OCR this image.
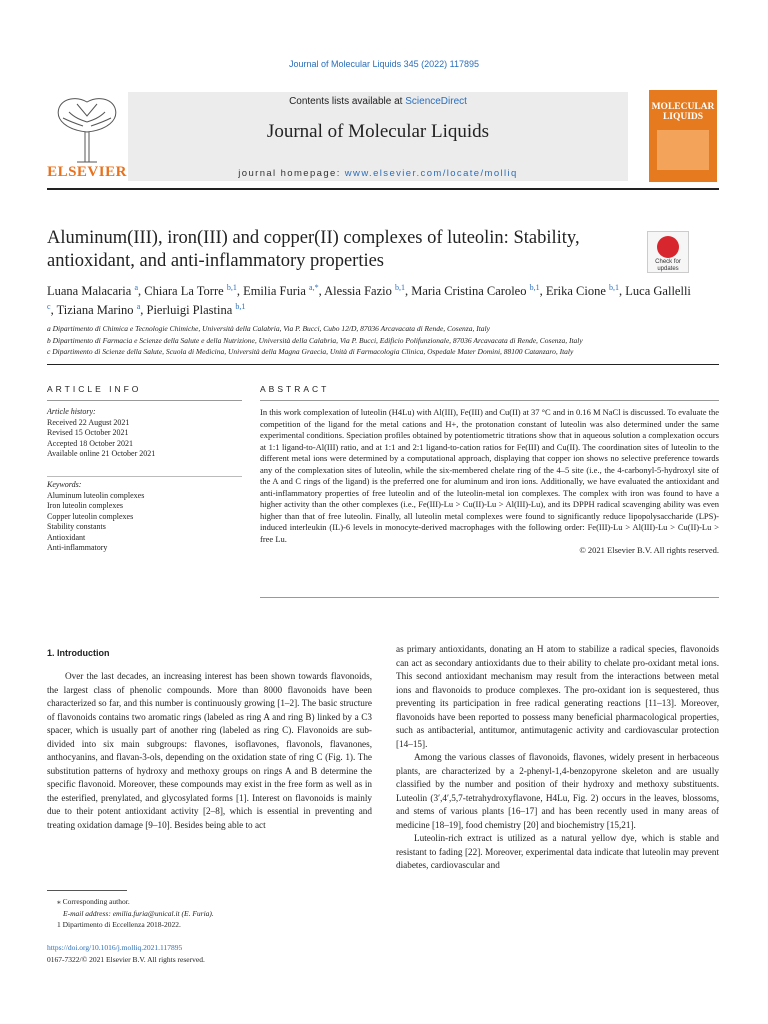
Journal of Molecular Liquids 345 (2022) 117895
ELSEVIER
Contents lists available at ScienceDirect
Journal of Molecular Liquids
journal homepage: www.elsevier.com/locate/molliq
MOLECULAR LIQUIDS
Aluminum(III), iron(III) and copper(II) complexes of luteolin: Stability, antioxidant, and anti-inflammatory properties	Check for updates
Luana Malacaria $^a$, Chiara La Torre $^{b,1}$, Emilia Furia $^{a,*}$, Alessia Fazio $^{b,1}$, Maria Cristina Caroleo $^{b,1}$, Erika Cione $^{b,1}$, Luca Gallelli $^c$, Tiziana Marino $^a$, Pierluigi Plastina $^{b,1}$
a Dipartimento di Chimica e Tecnologie Chimiche, Università della Calabria, Via P. Bucci, Cubo 12/D, 87036 Arcavacata di Rende, Cosenza, Italy
b Dipartimento di Farmacia e Scienze della Salute e della Nutrizione, Università della Calabria, Via P. Bucci, Edificio Polifunzionale, 87036 Arcavacata di Rende, Cosenza, Italy
c Dipartimento di Scienze della Salute, Scuola di Medicina, Università della Magna Graecia, Unità di Farmacologia Clinica, Ospedale Mater Domini, 88100 Catanzaro, Italy
ARTICLE INFO
Article history:
Received 22 August 2021
Revised 15 October 2021
Accepted 18 October 2021
Available online 21 October 2021
Keywords:
Aluminum luteolin complexes
Iron luteolin complexes
Copper luteolin complexes
Stability constants
Antioxidant
Anti-inflammatory
ABSTRACT
In this work complexation of luteolin (H4Lu) with Al(III), Fe(III) and Cu(II) at 37 °C and in 0.16 M NaCl is discussed. To evaluate the competition of the ligand for the metal cations and H+, the protonation constant of luteolin was also determined under the same experimental conditions. Speciation profiles obtained by potentiometric titrations show that in aqueous solution a complexation occurs at 1:1 ligand-to-Al(III) ratio, and at 1:1 and 2:1 ligand-to-cation ratios for Fe(III) and Cu(II). The coordination sites of luteolin to the different metal ions were determined by a computational approach, displaying that copper ion shows no selective preference towards any of the complexation sites of luteolin, while the six-membered chelate ring of the 4–5 site (i.e., the 4-carbonyl-5-hydroxyl site of the A and C rings of the ligand) is the preferred one for aluminum and iron ions. Additionally, we have evaluated the antioxidant and anti-inflammatory properties of free luteolin and of the luteolin-metal ion complexes. The complex with iron was found to have a higher activity than the other complexes (i.e., Fe(III)-Lu > Cu(II)-Lu > Al(III)-Lu), and its DPPH radical scavenging ability was even higher than that of free luteolin. Finally, all luteolin metal complexes were found to significantly reduce lipopolysaccharide (LPS)-induced interleukin (IL)-6 levels in monocyte-derived macrophages with the following order: Fe(III)-Lu > Al(III)-Lu > Cu(II)-Lu > free Lu.
© 2021 Elsevier B.V. All rights reserved.
1. Introduction

Over the last decades, an increasing interest has been shown towards flavonoids, the largest class of phenolic compounds. More than 8000 flavonoids have been characterized so far, and this number is continuously growing [1–2]. The basic structure of flavonoids contains two aromatic rings (labeled as ring A and ring B) linked by a C3 spacer, which is usually part of another ring (labeled as ring C). Flavonoids are sub-divided into six main subgroups: flavones, isoflavones, flavonols, flavanones, anthocyanins, and flavan-3-ols, depending on the oxidation state of ring C (Fig. 1). The substitution patterns of hydroxy and methoxy groups on rings A and B determine the specific flavonoid. Moreover, these compounds may exist in the free form as well as in the esterified, prenylated, and glycosylated forms [1]. Interest on flavonoids is mainly due to their potent antioxidant activity [2–8], which is essential in preventing and treating oxidation damage [9–10]. Besides being able to act

as primary antioxidants, donating an H atom to stabilize a radical species, flavonoids can act as secondary antioxidants due to their ability to chelate pro-oxidant metal ions. This second antioxidant mechanism may result from the interactions between metal ions and flavonoids to produce complexes. The pro-oxidant ion is sequestered, thus preventing its participation in free radical generating reactions [11–13]. Moreover, flavonoids have been reported to possess many beneficial pharmacological properties, such as antibacterial, antitumor, antimutagenic activity and cardiovascular protection [14–15].

Among the various classes of flavonoids, flavones, widely present in herbaceous plants, are characterized by a 2-phenyl-1,4-benzopyrone skeleton and are usually classified by the number and position of their hydroxy and methoxy substituents. Luteolin (3′,4′,5,7-tetrahydroxyflavone, H4Lu, Fig. 2) occurs in the leaves, blossoms, and stems of various plants [16–17] and has been recently used in many areas of medicine [18–19], food chemistry [20] and biochemistry [15,21].

Luteolin-rich extract is utilized as a natural yellow dye, which is stable and resistant to fading [22]. Moreover, experimental data indicate that luteolin may prevent diabetes, cardiovascular and

⁎ Corresponding author.
E-mail address: emilia.furia@unical.it (E. Furia).
1 Dipartimento di Eccellenza 2018-2022.
https://doi.org/10.1016/j.molliq.2021.117895
0167-7322/© 2021 Elsevier B.V. All rights reserved.
